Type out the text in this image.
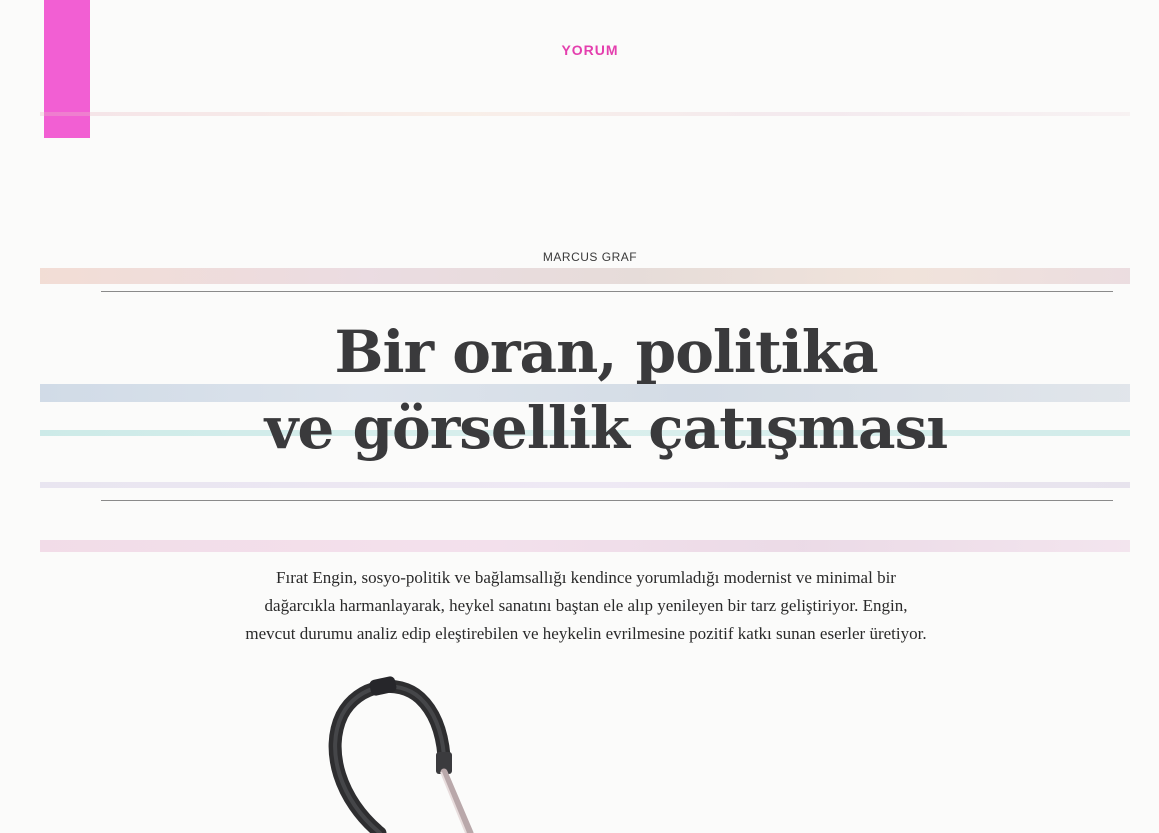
YORUM
MARCUS GRAF
Bir oran, politika
ve görsellik çatışması

Fırat Engin, sosyo-politik ve bağlamsallığı kendince yorumladığı modernist ve minimal bir
dağarcıkla harmanlayarak, heykel sanatını baştan ele alıp yenileyen bir tarz geliştiriyor. Engin,
mevcut durumu analiz edip eleştirebilen ve heykelin evrilmesine pozitif katkı sunan eserler üretiyor.
